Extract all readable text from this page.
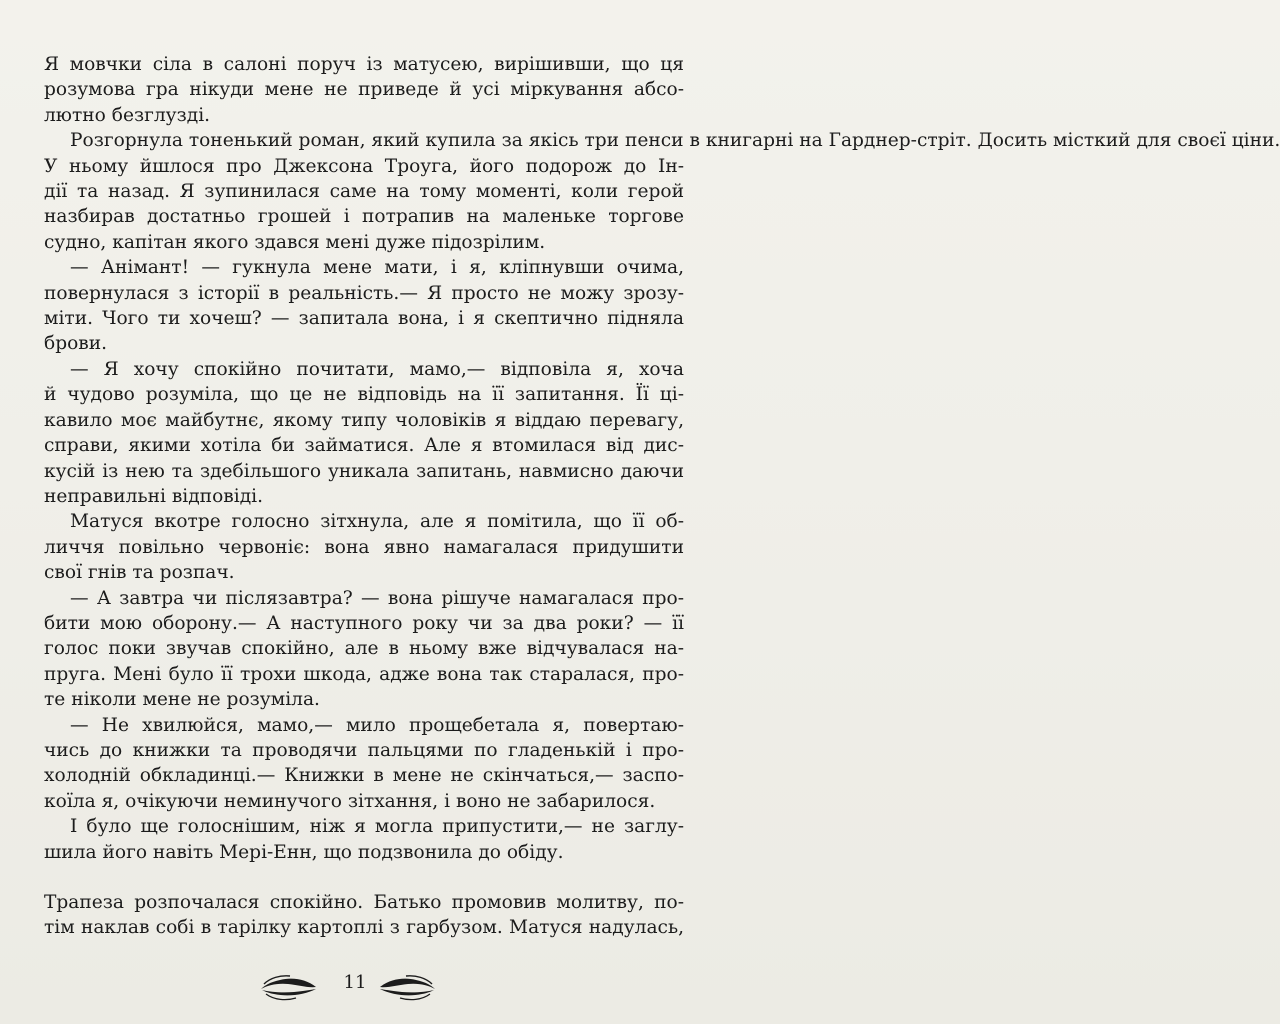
Я мовчки сіла в салоні поруч із матусею, вирішивши, що ця
розумова гра нікуди мене не приведе й усі міркування абсо-
лютно безглузді.
Розгорнула тоненький роман, який купила за якісь три пенси в книгарні на Гарднер-стріт. Досить місткий для своєї ціни.
У ньому йшлося про Джексона Троуга, його подорож до Ін-
дії та назад. Я зупинилася саме на тому моменті, коли герой
назбирав достатньо грошей і потрапив на маленьке торгове
судно, капітан якого здався мені дуже підозрілим.
— Анімант! — гукнула мене мати, і я, кліпнувши очима,
повернулася з історії в реальність.— Я просто не можу зрозу-
міти. Чого ти хочеш? — запитала вона, і я скептично підняла
брови.
— Я хочу спокійно почитати, мамо,— відповіла я, хоча
й чудово розуміла, що це не відповідь на її запитання. Її ці-
кавило моє майбутнє, якому типу чоловіків я віддаю перевагу,
справи, якими хотіла би займатися. Але я втомилася від дис-
кусій із нею та здебільшого уникала запитань, навмисно даючи
неправильні відповіді.
Матуся вкотре голосно зітхнула, але я помітила, що її об-
личчя повільно червоніє: вона явно намагалася придушити
свої гнів та розпач.
— А завтра чи післязавтра? — вона рішуче намагалася про-
бити мою оборону.— А наступного року чи за два роки? — її
голос поки звучав спокійно, але в ньому вже відчувалася на-
пруга. Мені було її трохи шкода, адже вона так старалася, про-
те ніколи мене не розуміла.
— Не хвилюйся, мамо,— мило прощебетала я, повертаю-
чись до книжки та проводячи пальцями по гладенькій і про-
холодній обкладинці.— Книжки в мене не скінчаться,— заспо-
коїла я, очікуючи неминучого зітхання, і воно не забарилося.
І було ще голоснішим, ніж я могла припустити,— не заглу-
шила його навіть Мері-Енн, що подзвонила до обіду.
Трапеза розпочалася спокійно. Батько промовив молитву, по-
тім наклав собі в тарілку картоплі з гарбузом. Матуся надулась,
11
